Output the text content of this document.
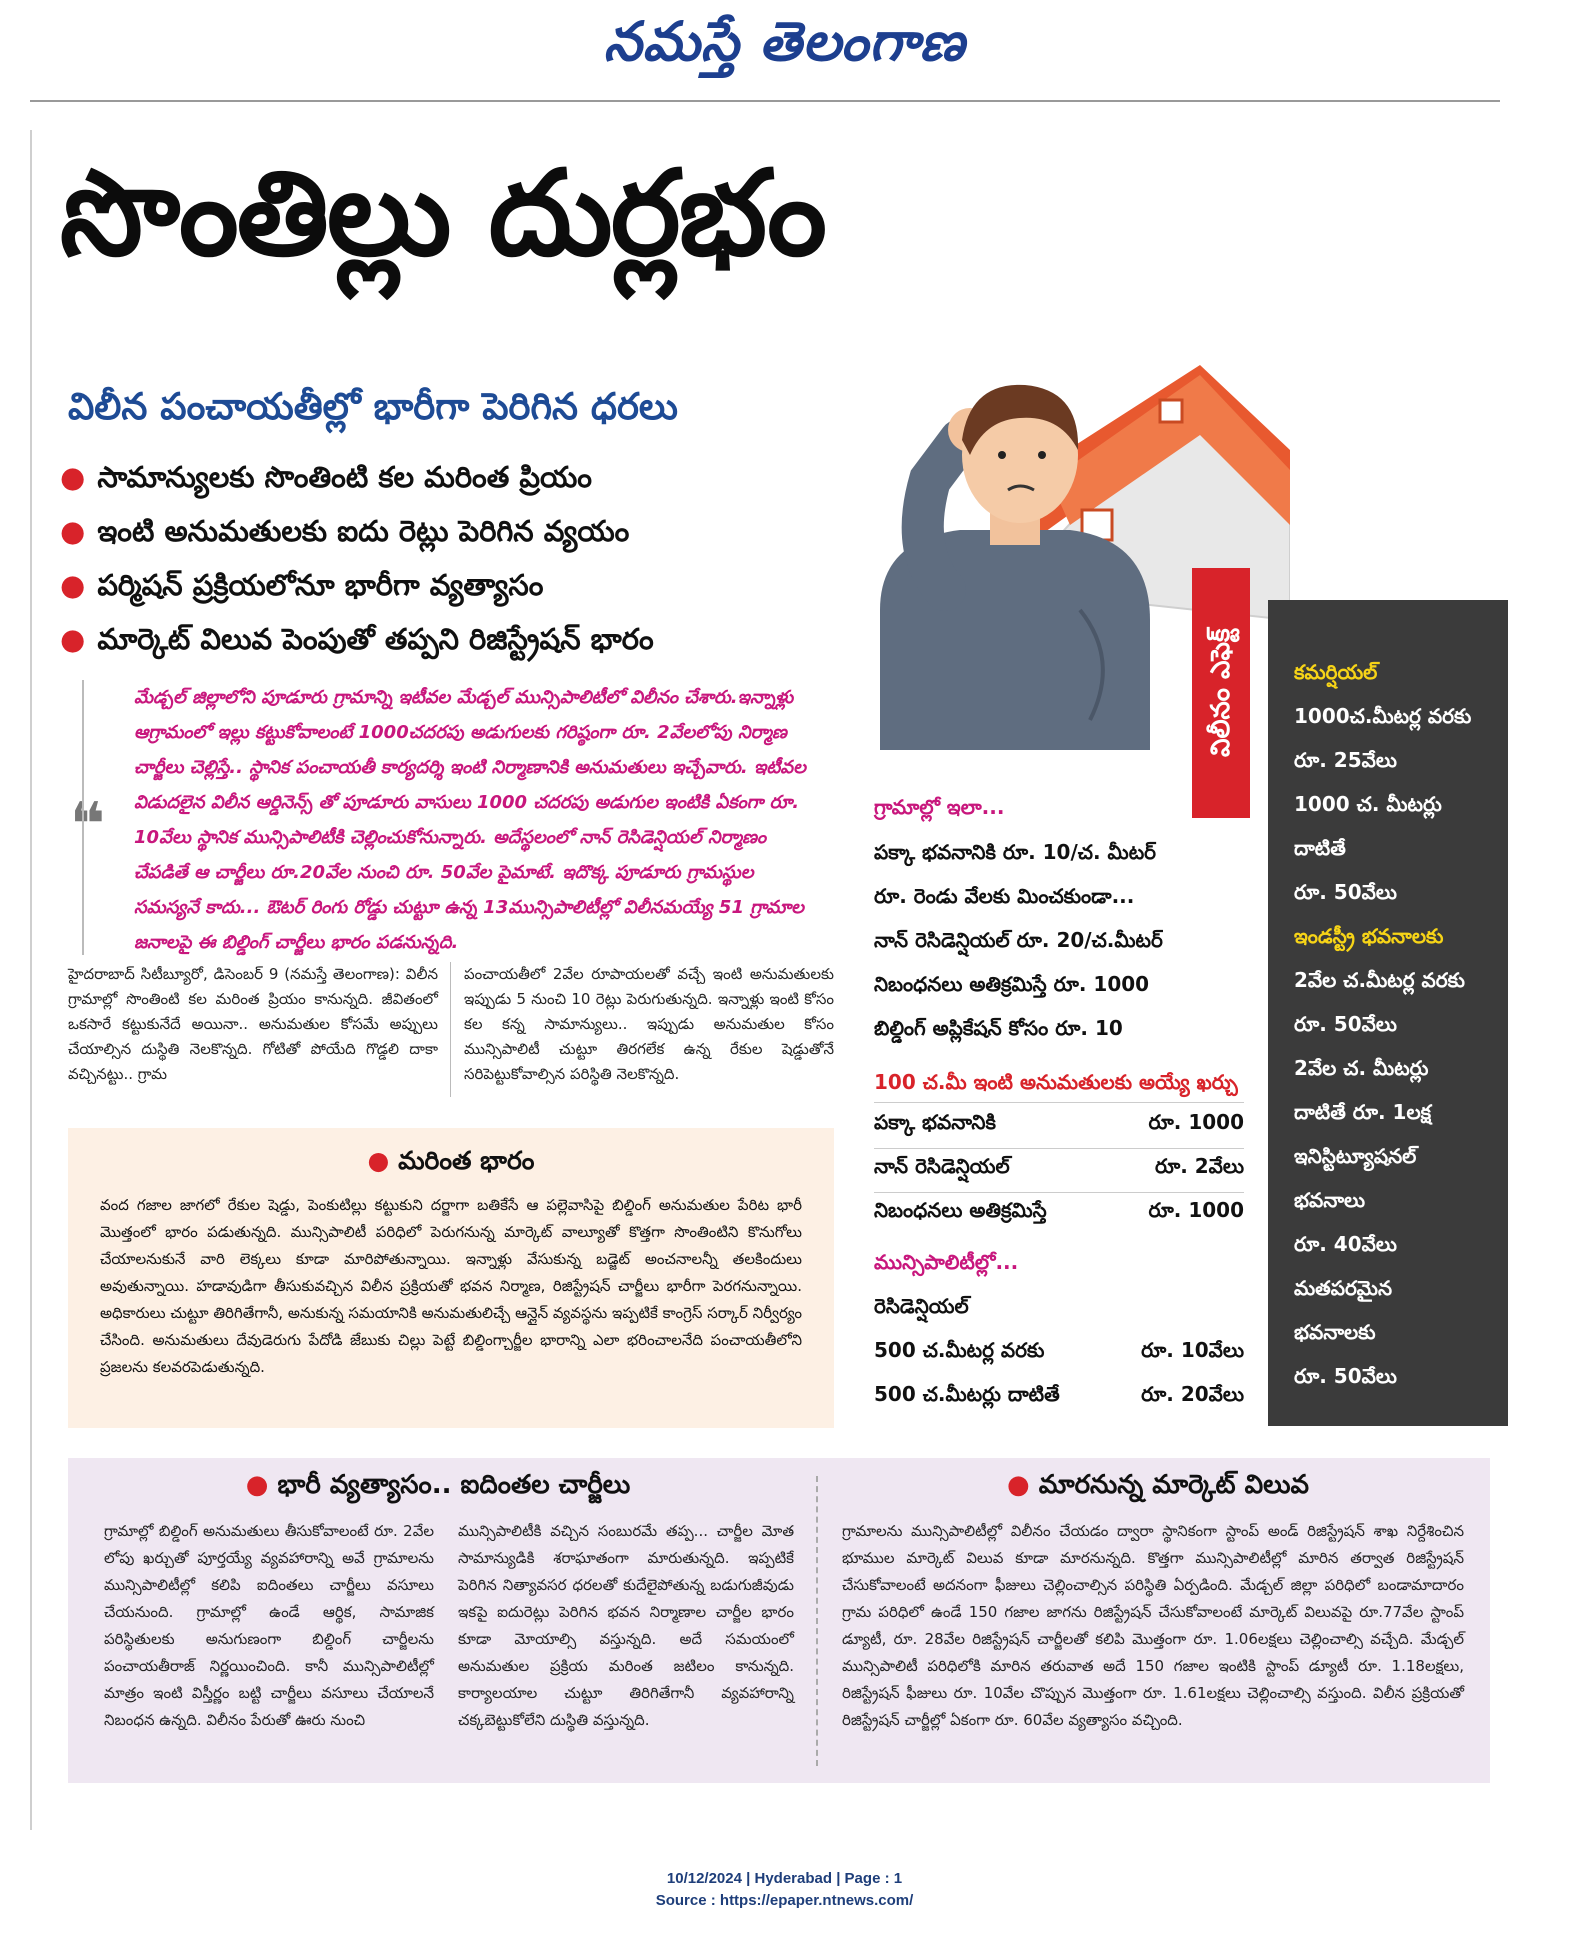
నమస్తే తెలంగాణ
సొంతిల్లు దుర్లభం
విలీన పంచాయతీల్లో భారీగా పెరిగిన ధరలు
● సామాన్యులకు సొంతింటి కల మరింత ప్రియం
● ఇంటి అనుమతులకు ఐదు రెట్లు పెరిగిన వ్యయం
● పర్మిషన్ ప్రక్రియలోనూ భారీగా వ్యత్యాసం
● మార్కెట్ విలువ పెంపుతో తప్పని రిజిస్ట్రేషన్ భారం
❝

మేడ్చల్ జిల్లాలోని పూడూరు గ్రామాన్ని ఇటీవల మేడ్చల్ మున్సిపాలిటీలో విలీనం చేశారు.ఇన్నాళ్లు ఆగ్రామంలో ఇల్లు కట్టుకోవాలంటే 1000చదరపు అడుగులకు గరిష్ఠంగా రూ. 2వేలలోపు నిర్మాణ చార్జీలు చెల్లిస్తే.. స్థానిక పంచాయతీ కార్యదర్శి ఇంటి నిర్మాణానికి అనుమతులు ఇచ్చేవారు. ఇటీవల విడుదలైన విలీన ఆర్డినెన్స్ తో పూడూరు వాసులు 1000 చదరపు అడుగుల ఇంటికి ఏకంగా రూ. 10వేలు స్థానిక మున్సిపాలిటీకి చెల్లించుకోనున్నారు. అదేస్థలంలో నాన్ రెసిడెన్షియల్ నిర్మాణం చేపడితే ఆ చార్జీలు రూ.20వేల నుంచి రూ. 50వేల పైమాటే. ఇదొక్క పూడూరు గ్రామస్థుల సమస్యనే కాదు... ఔటర్ రింగు రోడ్డు చుట్టూ ఉన్న 13మున్సిపాలిటీల్లో విలీనమయ్యే 51 గ్రామాల జనాలపై ఈ బిల్డింగ్ చార్జీలు భారం పడనున్నది.

హైదరాబాద్ సిటీబ్యూరో, డిసెంబర్ 9 (నమస్తే తెలంగాణ): విలీన గ్రామాల్లో సొంతింటి కల మరింత ప్రియం కానున్నది. జీవితంలో ఒకసారే కట్టుకునేదే అయినా.. అనుమతుల కోసమే అప్పులు చేయాల్సిన దుస్థితి నెలకొన్నది. గోటితో పోయేది గొడ్డలి దాకా వచ్చినట్టు.. గ్రామ
పంచాయతీలో 2వేల రూపాయలతో వచ్చే ఇంటి అనుమతులకు ఇప్పుడు 5 నుంచి 10 రెట్లు పెరుగుతున్నది. ఇన్నాళ్లు ఇంటి కోసం కల కన్న సామాన్యులు.. ఇప్పుడు అనుమతుల కోసం మున్సిపాలిటీ చుట్టూ తిరగలేక ఉన్న రేకుల షెడ్డుతోనే సరిపెట్టుకోవాల్సిన పరిస్థితి నెలకొన్నది.
● మరింత భారం

వంద గజాల జాగలో రేకుల షెడ్డు, పెంకుటిల్లు కట్టుకుని దర్జాగా బతికేసే ఆ పల్లెవాసిపై బిల్డింగ్ అనుమతుల పేరిట భారీ మొత్తంలో భారం పడుతున్నది. మున్సిపాలిటీ పరిధిలో పెరుగనున్న మార్కెట్ వాల్యూతో కొత్తగా సొంతింటిని కొనుగోలు చేయాలనుకునే వారి లెక్కలు కూడా మారిపోతున్నాయి. ఇన్నాళ్లు వేసుకున్న బడ్జెట్ అంచనాలన్నీ తలకిందులు అవుతున్నాయి. హడావుడిగా తీసుకువచ్చిన విలీన ప్రక్రియతో భవన నిర్మాణ, రిజిస్ట్రేషన్ చార్జీలు భారీగా పెరగనున్నాయి. అధికారులు చుట్టూ తిరిగితేగానీ, అనుకున్న సమయానికి అనుమతులిచ్చే ఆన్లైన్ వ్యవస్థను ఇప్పటికే కాంగ్రెస్ సర్కార్ నిర్వీర్యం చేసింది. అనుమతులు దేవుడెరుగు పేదోడి జేబుకు చిల్లు పెట్టే బిల్డింగ్చార్జీల భారాన్ని ఎలా భరించాలనేది పంచాయతీలోని ప్రజలను కలవరపెడుతున్నది.

విలీనం ఎఫెక్ట్
గ్రామాల్లో ఇలా...
పక్కా భవనానికి రూ. 10/చ. మీటర్
రూ. రెండు వేలకు మించకుండా...
నాన్ రెసిడెన్షియల్ రూ. 20/చ.మీటర్
నిబంధనలు అతిక్రమిస్తే రూ. 1000
బిల్డింగ్ అప్లికేషన్ కోసం రూ. 10
100 చ.మీ ఇంటి అనుమతులకు అయ్యే ఖర్చు
పక్కా భవనానికి	రూ. 1000
నాన్ రెసిడెన్షియల్	రూ. 2వేలు
నిబంధనలు అతిక్రమిస్తే	రూ. 1000
మున్సిపాలిటీల్లో...
రెసిడెన్షియల్
500 చ.మీటర్ల వరకు	రూ. 10వేలు
500 చ.మీటర్లు దాటితే	రూ. 20వేలు
కమర్షియల్
1000చ.మీటర్ల వరకు
రూ. 25వేలు
1000 చ. మీటర్లు
దాటితే
రూ. 50వేలు
ఇండస్ట్రీ భవనాలకు
2వేల చ.మీటర్ల వరకు
రూ. 50వేలు
2వేల చ. మీటర్లు
దాటితే రూ. 1లక్ష
ఇనిస్టిట్యూషనల్
భవనాలు
రూ. 40వేలు
మతపరమైన
భవనాలకు
రూ. 50వేలు
● భారీ వ్యత్యాసం.. ఐదింతల చార్జీలు
గ్రామాల్లో బిల్డింగ్ అనుమతులు తీసుకోవాలంటే రూ. 2వేల లోపు ఖర్చుతో పూర్తయ్యే వ్యవహారాన్ని అవే గ్రామాలను మున్సిపాలిటీల్లో కలిపి ఐదింతలు చార్జీలు వసూలు చేయనుంది. గ్రామాల్లో ఉండే ఆర్థిక, సామాజిక పరిస్థితులకు అనుగుణంగా బిల్డింగ్ చార్జీలను పంచాయతీరాజ్ నిర్ణయించింది. కానీ మున్సిపాలిటీల్లో మాత్రం ఇంటి విస్తీర్ణం బట్టి చార్జీలు వసూలు చేయాలనే నిబంధన ఉన్నది. విలీనం పేరుతో ఊరు నుంచి
మున్సిపాలిటీకి వచ్చిన సంబురమే తప్ప... చార్జీల మోత సామాన్యుడికి శరాఘాతంగా మారుతున్నది. ఇప్పటికే పెరిగిన నిత్యావసర ధరలతో కుదేలైపోతున్న బడుగుజీవుడు ఇకపై ఐదురెట్లు పెరిగిన భవన నిర్మాణాల చార్జీల భారం కూడా మోయాల్సి వస్తున్నది. అదే సమయంలో అనుమతుల ప్రక్రియ మరింత జటిలం కానున్నది. కార్యాలయాల చుట్టూ తిరిగితేగానీ వ్యవహారాన్ని చక్కబెట్టుకోలేని దుస్థితి వస్తున్నది.
● మారనున్న మార్కెట్ విలువ
గ్రామాలను మున్సిపాలిటీల్లో విలీనం చేయడం ద్వారా స్థానికంగా స్టాంప్ అండ్ రిజిస్ట్రేషన్ శాఖ నిర్దేశించిన భూముల మార్కెట్ విలువ కూడా మారనున్నది. కొత్తగా మున్సిపాలిటీల్లో మారిన తర్వాత రిజిస్ట్రేషన్ చేసుకోవాలంటే అదనంగా ఫీజులు చెల్లించాల్సిన పరిస్థితి ఏర్పడింది. మేడ్చల్ జిల్లా పరిధిలో బండామాదారం గ్రామ పరిధిలో ఉండే 150 గజాల జాగను రిజిస్ట్రేషన్ చేసుకోవాలంటే మార్కెట్ విలువపై రూ.77వేల స్టాంప్ డ్యూటీ, రూ. 28వేల రిజిస్ట్రేషన్ చార్జీలతో కలిపి మొత్తంగా రూ. 1.06లక్షలు చెల్లించాల్సి వచ్చేది. మేడ్చల్ మున్సిపాలిటీ పరిధిలోకి మారిన తరువాత అదే 150 గజాల ఇంటికి స్టాంప్ డ్యూటీ రూ. 1.18లక్షలు, రిజిస్ట్రేషన్ ఫీజులు రూ. 10వేల చొప్పున మొత్తంగా రూ. 1.61లక్షలు చెల్లించాల్సి వస్తుంది. విలీన ప్రక్రియతో రిజిస్ట్రేషన్ చార్జీల్లో ఏకంగా రూ. 60వేల వ్యత్యాసం వచ్చింది.
10/12/2024 | Hyderabad | Page : 1
Source : https://epaper.ntnews.com/
